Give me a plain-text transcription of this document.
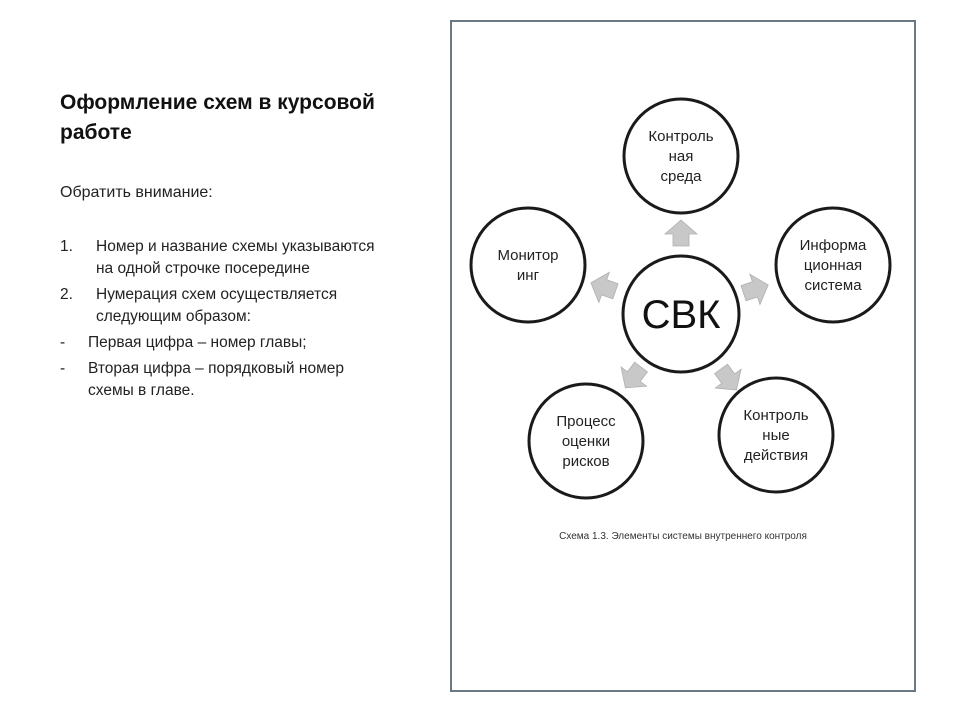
Оформление схем в курсовой работе
Обратить внимание:
1.	Номер и название схемы указываются на одной строчке посередине
2.	Нумерация схем осуществляется следующим образом:
-	Первая цифра – номер главы;
-	Вторая цифра – порядковый номер схемы в главе.
СВК
Контроль
ная
среда
Информа
ционная
система
Контроль
ные
действия
Процесс
оценки
рисков
Монитор
инг
Схема 1.3. Элементы системы внутреннего контроля
